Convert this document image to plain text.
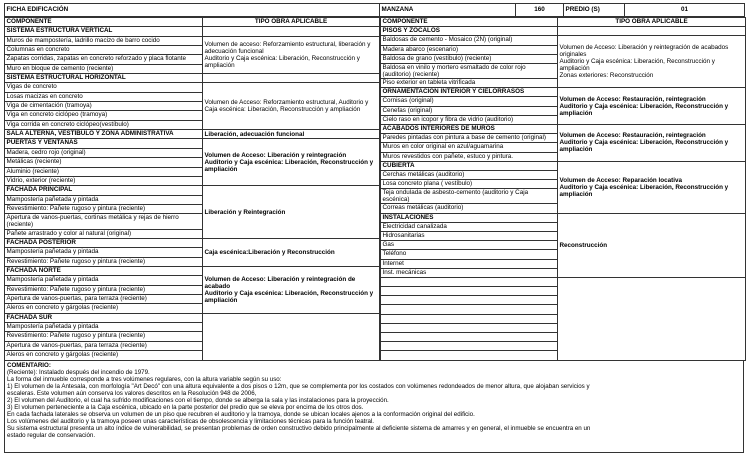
FICHA EDIFICACIÓN	MANZANA	160	PREDIO (S)	01
COMPONENTE	TIPO OBRA APLICABLE
SISTEMA ESTRUCTURA VERTICAL	
Muros de mampostería, ladrillo macizo de barro cocido	Volumen de acceso: Reforzamiento estructural, liberación y adecuación funcional
Auditorio y Caja escénica: Liberación, Reconstrucción y ampliación

Columnas en concreto	
Zapatas corridas, zapatas en concreto reforzado y placa flotante	
Muro en bloque de cemento (reciente)	
SISTEMA ESTRUCTURAL HORIZONTAL	
Vigas de concreto	Volumen de Acceso: Reforzamiento estructural, Auditorio y Caja escénica: Liberación, Reconstrucción y ampliación

Losas macizas en concreto	
Viga de cimentación (tramoya)	
Viga en concreto ciclópeo (tramoya)	
Viga corrida en concreto ciclópeo(vestíbulo)	
SALA ALTERNA, VESTÍBULO Y ZONA ADMINISTRATIVA	Liberación, adecuación funcional

PUERTAS Y VENTANAS	Volumen de Acceso: Liberación y reintegración
Auditorio y Caja escénica: Liberación, Reconstrucción y ampliación

Madera, cedro rojo (original)	
Metálicas (reciente)	
Aluminio (reciente)	
Vidrio, exterior (reciente)	
FACHADA PRINCIPAL	Liberación y Reintegración

Mampostería pañetada y pintada	
Revestimiento: Pañete rugoso y pintura (reciente)	
Apertura de vanos-puertas, cortinas metálica y rejas de hierro (reciente)	
Pañete arrastrado y color al natural (original)	
FACHADA POSTERIOR	Caja escénica:Liberación y Reconstrucción

Mampostería pañetada y pintada	
Revestimiento: Pañete rugoso y pintura (reciente)	
FACHADA NORTE	Volumen de Acceso: Liberación y reintegración de acabado
Auditorio y Caja escénica: Liberación, Reconstrucción y ampliación

Mampostería pañetada y pintada	
Revestimiento: Pañete rugoso y pintura (reciente)	
Apertura de vanos-puertas, para terraza (reciente)	
Aleros en concreto y gárgolas (reciente)	
FACHADA SUR	
Mampostería pañetada y pintada	
Revestimiento: Pañete rugoso y pintura (reciente)	
Apertura de vanos-puertas, para terraza (reciente)	
Aleros en concreto y gárgolas (reciente)	
COMPONENTE	TIPO OBRA APLICABLE
PISOS Y ZÓCALOS	
Baldosas de cemento - Mosaico (2N) (original)	Volumen de Acceso: Liberación y reintegración de acabados originales
Auditorio y Caja escénica: Liberación, Reconstrucción y ampliación
Zonas exteriores: Reconstrucción

Madera abarco (escenario)	
Baldosa de grano (vestíbulo) (reciente)	
Baldosa en vinilo y mortero esmaltado de color rojo (auditorio) (reciente)	
Piso exterior en tableta vitrificada	
ORNAMENTACION INTERIOR Y CIELORRASOS	Volumen de Acceso: Restauración, reintegración
Auditorio y Caja escénica: Liberación, Reconstrucción y ampliación

Cornisas (original)	
Cenefas (original)	
Cielo raso en icopor y fibra de vidrio (auditorio)	
ACABADOS INTERIORES DE MUROS	Volumen de Acceso: Restauración, reintegración
Auditorio y Caja escénica: Liberación, Reconstrucción y ampliación

Paredes pintadas con pintura a base de cemento (original)	
Muros en color original en azul/aguamarina	
Muros revestidos con pañete, estuco y pintura.	
CUBIERTA	Volumen de Acceso: Reparación locativa
Auditorio y Caja escénica: Liberación, Reconstrucción y ampliación

Cerchas metálicas (auditorio)	
Losa concreto plana ( vestíbulo)	
Teja ondulada de asbesto-cemento (auditorio y Caja escénica)	
Correas metálicas (auditorio)	
INSTALACIONES	Reconstrucción

Electricidad canalizada	
Hidrosanitarias	
Gas	
Teléfono	
Internet	
Inst. mecánicas	

COMENTARIO:
(Reciente): Instalado después del incendio de 1979.
La forma del inmueble corresponde a tres volúmenes regulares, con la altura variable según su uso:
1) El volumen de la Antesala, con morfología "Art Decó" con una altura equivalente a dos pisos o 12m, que se complementa por los costados con volúmenes redondeados de menor altura, que alojaban servicios y
escaleras. Este volumen aún conserva los valores descritos en la Resolución 948 de 2006,
2) El volumen del Auditorio, el cual ha sufrido modificaciones con el tiempo, donde se alberga la sala y las instalaciones para la proyección.
3) El volumen perteneciente a la Caja escénica, ubicado en la parte posterior del predio que se eleva por encima de los otros dos.
En cada fachada laterales se observa un volumen de un piso que recubren el auditorio y la tramoya, donde se ubican locales ajenos a la conformación original del edificio.
Los volúmenes del auditorio y la tramoya poseen unas características de obsolescencia y limitaciones técnicas para la función teatral.
Su sistema estructural presenta un alto índice de vulnerabilidad, se presentan problemas de orden constructivo debido principalmente al deficiente sistema de amarres y en general, el inmueble se encuentra en un
estado regular de conservación.
